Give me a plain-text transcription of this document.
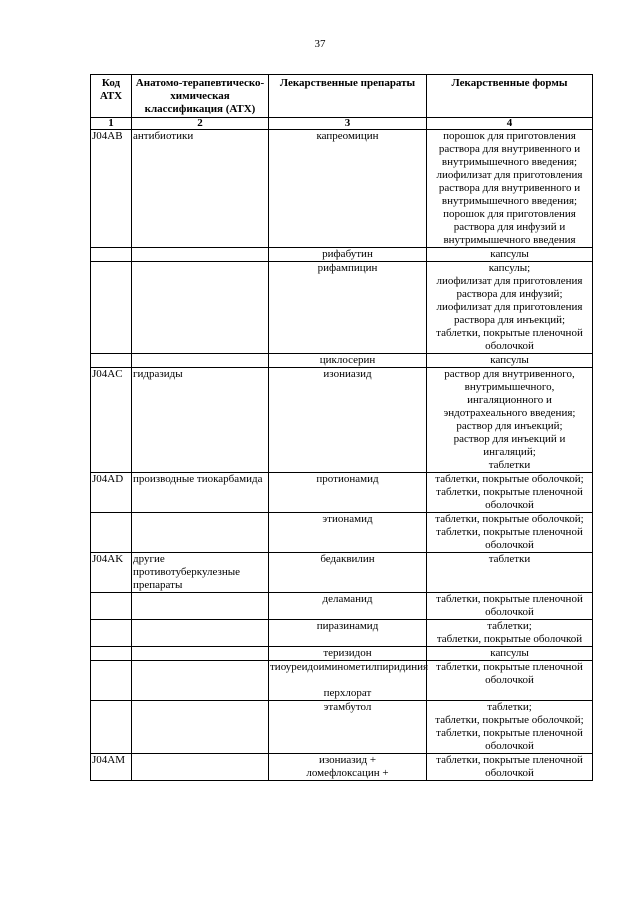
37
Код АТХ	Анатомо-терапевтическо-химическая классификация (АТХ)	Лекарственные препараты	Лекарственные формы
1	2	3	4
J04AB	антибиотики	капреомицин	порошок для приготовления раствора для внутривенного и внутримышечного введения;
лиофилизат для приготовления раствора для внутривенного и внутримышечного введения;
порошок для приготовления раствора для инфузий и внутримышечного введения
		рифабутин	капсулы
		рифампицин	капсулы;
лиофилизат для приготовления раствора для инфузий;
лиофилизат для приготовления раствора для инъекций;
таблетки, покрытые пленочной оболочкой
		циклосерин	капсулы
J04AC	гидразиды	изониазид	раствор для внутривенного, внутримышечного, ингаляционного и эндотрахеального введения;
раствор для инъекций;
раствор для инъекций и ингаляций;
таблетки
J04AD	производные тиокарбамида	протионамид	таблетки, покрытые оболочкой;
таблетки, покрытые пленочной оболочкой
		этионамид	таблетки, покрытые оболочкой;
таблетки, покрытые пленочной оболочкой
J04AK	другие противотуберкулезные препараты	бедаквилин	таблетки
		деламанид	таблетки, покрытые пленочной оболочкой
		пиразинамид	таблетки;
таблетки, покрытые оболочкой
		теризидон	капсулы
		тиоуреидоиминометилпиридиния

перхлорат	таблетки, покрытые пленочной оболочкой
		этамбутол	таблетки;
таблетки, покрытые оболочкой;
таблетки, покрытые пленочной оболочкой
J04AM		изониазид +
ломефлоксацин +	таблетки, покрытые пленочной оболочкой
